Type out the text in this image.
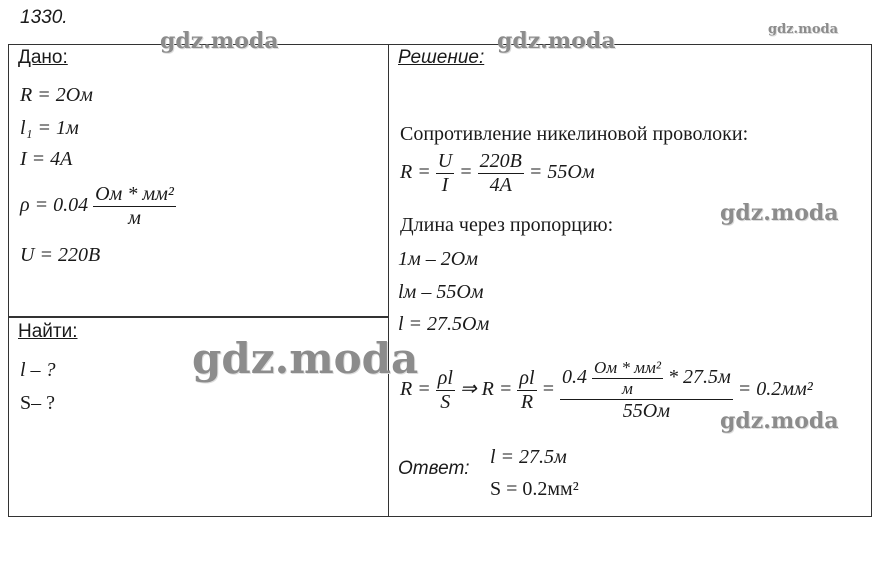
1330.
Дано:
R = 2Ом
l₁ = 1м
I = 4A
$\rho = 0.04 \frac{\text{Ом * мм²}}{м}$
U = 220B
Найти:
l – ?
S– ?
Решение:
Сопротивление никелиновой проволоки:
$R = \frac{U}{I} = \frac{220B}{4A} = 55Ом$
Длина через пропорцию:
1м – 2Ом
lм – 55Ом
l = 27.5Ом
$R = \frac{\rho l}{S}$ ⇒ $R = \frac{\rho l}{R} = \frac{0.4 \frac{\text{Ом * мм²}}{м} * 27.5м}{55Ом} = 0.2мм^2$
Ответ:
l = 27.5м
S = 0.2мм²
gdz.moda	gdz.moda	gdz.moda
gdz.moda
gdz.moda
gdz.moda
